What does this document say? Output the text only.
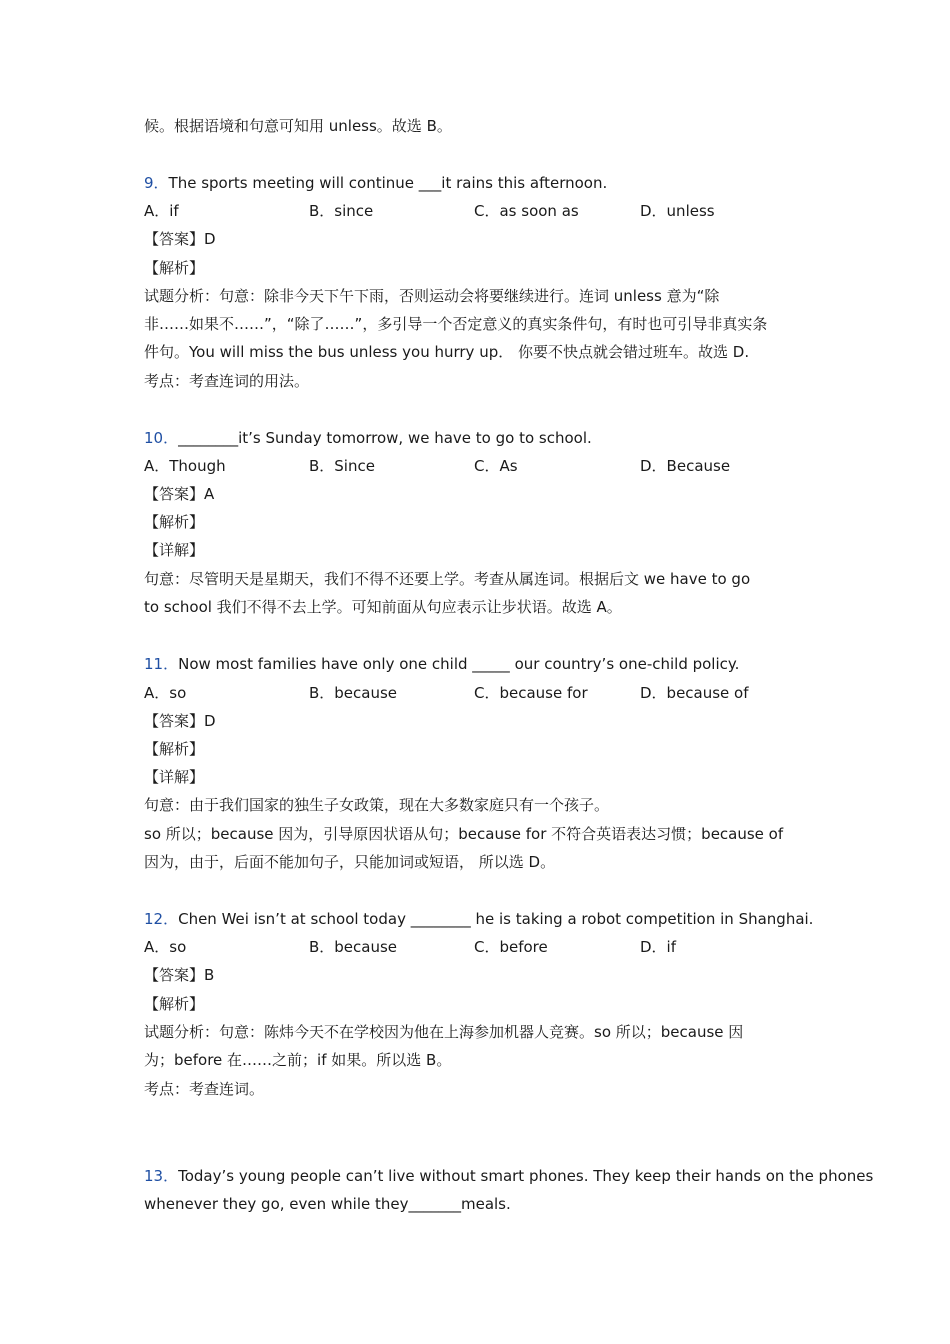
候。根据语境和句意可知用 unless。故选 B。
9．The sports meeting will continue ___it rains this afternoon.
A．if	B．since	C．as soon as	D．unless
【答案】D
【解析】
试题分析：句意：除非今天下午下雨，否则运动会将要继续进行。连词 unless 意为“除
非……如果不……”，“除了……”，多引导一个否定意义的真实条件句，有时也可引导非真实条
件句。You will miss the bus unless you hurry up． 你要不快点就会错过班车。故选 D.
考点：考查连词的用法。
10．________it’s Sunday tomorrow, we have to go to school.
A．Though	B．Since	C．As	D．Because
【答案】A
【解析】
【详解】
句意：尽管明天是星期天，我们不得不还要上学。考查从属连词。根据后文 we have to go
to school 我们不得不去上学。可知前面从句应表示让步状语。故选 A。
11．Now most families have only one child _____ our country’s one-child policy.
A．so	B．because	C．because for	D．because of
【答案】D
【解析】
【详解】
句意：由于我们国家的独生子女政策，现在大多数家庭只有一个孩子。
so 所以；because 因为，引导原因状语从句；because for 不符合英语表达习惯；because of
因为，由于，后面不能加句子，只能加词或短语， 所以选 D。
12．Chen Wei isn’t at school today ________ he is taking a robot competition in Shanghai.
A．so	B．because	C．before	D．if
【答案】B
【解析】
试题分析：句意：陈炜今天不在学校因为他在上海参加机器人竞赛。so 所以；because 因
为；before 在……之前；if 如果。所以选 B。
考点：考查连词。
13．Today’s young people can’t live without smart phones. They keep their hands on the phones
whenever they go, even while they_______meals.
